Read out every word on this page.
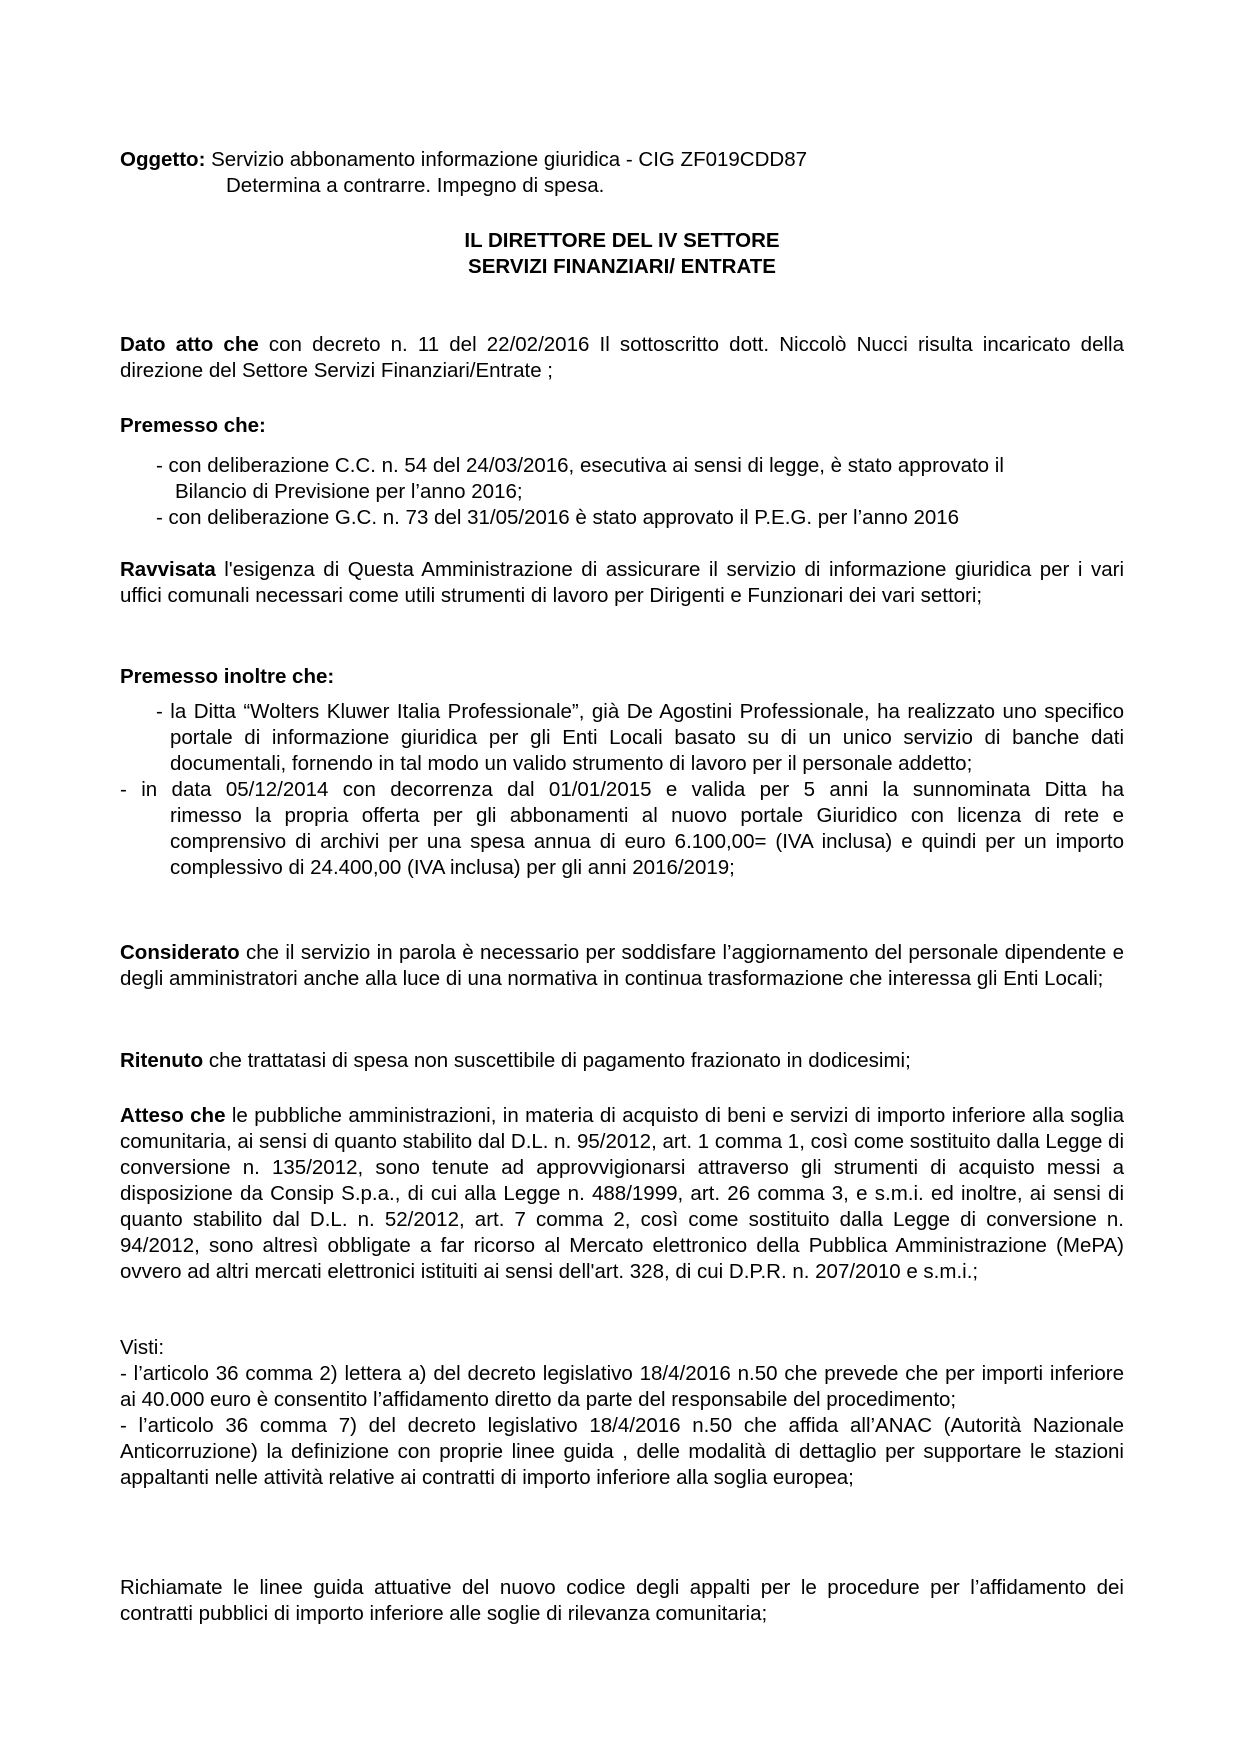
Oggetto: Servizio abbonamento informazione giuridica - CIG ZF019CDD87

Determina a contrarre. Impegno di spesa.

IL DIRETTORE DEL IV SETTORE

SERVIZI FINANZIARI/ ENTRATE

Dato atto che con decreto n. 11 del 22/02/2016 Il sottoscritto dott. Niccolò Nucci risulta incaricato della direzione del Settore Servizi Finanziari/Entrate ;

Premesso che:

- con deliberazione C.C. n. 54 del 24/03/2016, esecutiva ai sensi di legge, è stato approvato il

Bilancio di Previsione per l’anno 2016;

- con deliberazione G.C. n. 73 del 31/05/2016 è stato approvato il P.E.G. per l’anno 2016

Ravvisata l'esigenza di Questa Amministrazione di assicurare il servizio di informazione giuridica per i vari uffici comunali necessari come utili strumenti di lavoro per Dirigenti e Funzionari dei vari settori;

Premesso inoltre che:

- la Ditta “Wolters Kluwer Italia Professionale”, già De Agostini Professionale, ha realizzato uno specifico portale di informazione giuridica per gli Enti Locali basato su di un unico servizio di banche dati documentali, fornendo in tal modo un valido strumento di lavoro per il personale addetto;

- in data 05/12/2014 con decorrenza dal 01/01/2015 e valida per 5 anni la sunnominata Ditta ha

rimesso la propria offerta per gli abbonamenti al nuovo portale Giuridico con licenza di rete e comprensivo di archivi per una spesa annua di euro 6.100,00= (IVA inclusa) e quindi per un importo complessivo di 24.400,00 (IVA inclusa) per gli anni 2016/2019;

Considerato che il servizio in parola è necessario per soddisfare l’aggiornamento del personale dipendente e degli amministratori anche alla luce di una normativa in continua trasformazione che interessa gli Enti Locali;
Ritenuto che trattatasi di spesa non suscettibile di pagamento frazionato in dodicesimi;
Atteso che le pubbliche amministrazioni, in materia di acquisto di beni e servizi di importo inferiore alla soglia comunitaria, ai sensi di quanto stabilito dal D.L. n. 95/2012, art. 1 comma 1, così come sostituito dalla Legge di conversione n. 135/2012, sono tenute ad approvvigionarsi attraverso gli strumenti di acquisto messi a disposizione da Consip S.p.a., di cui alla Legge n. 488/1999, art. 26 comma 3, e s.m.i. ed inoltre, ai sensi di quanto stabilito dal D.L. n. 52/2012, art. 7 comma 2, così come sostituito dalla Legge di conversione n. 94/2012, sono altresì obbligate a far ricorso al Mercato elettronico della Pubblica Amministrazione (MePA) ovvero ad altri mercati elettronici istituiti ai sensi dell'art. 328, di cui D.P.R. n. 207/2010 e s.m.i.;

Visti:

- l’articolo 36 comma 2) lettera a) del decreto legislativo 18/4/2016 n.50 che prevede che per importi inferiore ai 40.000 euro è consentito l’affidamento diretto da parte del responsabile del procedimento;

- l’articolo 36 comma 7) del decreto legislativo 18/4/2016 n.50 che affida all’ANAC (Autorità Nazionale Anticorruzione) la definizione con proprie linee guida , delle modalità di dettaglio per supportare le stazioni appaltanti nelle attività relative ai contratti di importo inferiore alla soglia europea;

Richiamate le linee guida attuative del nuovo codice degli appalti per le procedure per l’affidamento dei contratti pubblici di importo inferiore alle soglie di rilevanza comunitaria;
